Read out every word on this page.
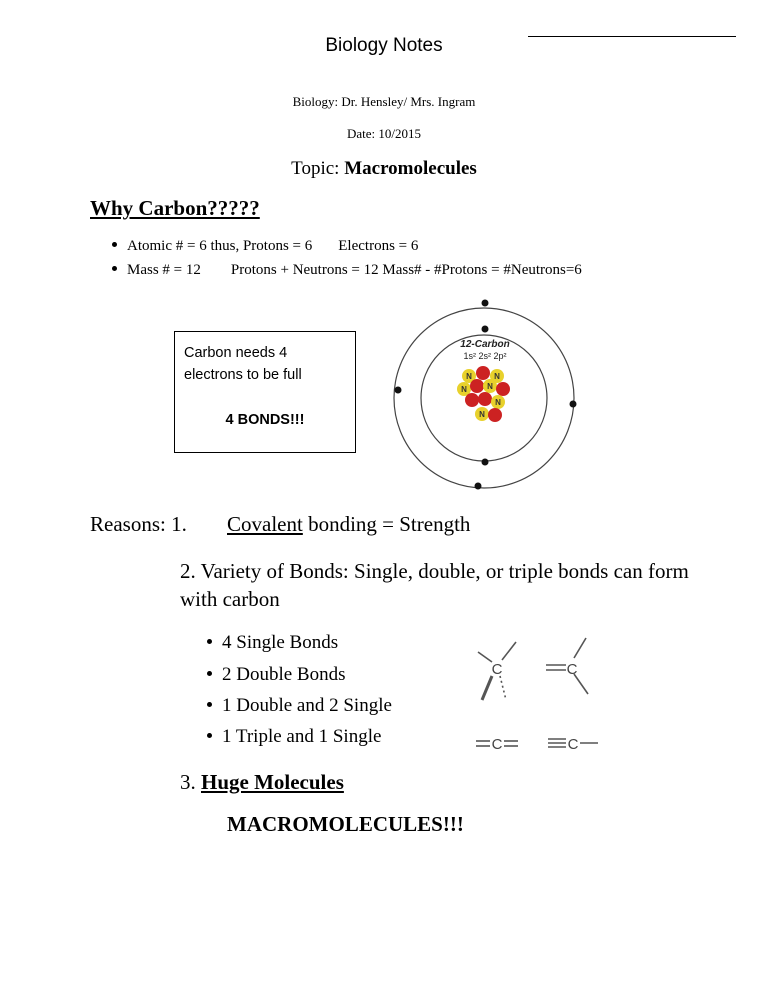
Biology Notes
Biology: Dr. Hensley/ Mrs. Ingram
Date: 10/2015
Topic: Macromolecules
Why Carbon?????
Atomic # = 6 thus, Protons = 6 Electrons = 6
Mass # = 12 Protons + Neutrons = 12 Mass# - #Protons = #Neutrons=6
Carbon needs 4
electrons to be full
4 BONDS!!!
12-Carbon
1s² 2s² 2p²
N	N
N	N
N
N
Reasons: 1. Covalent bonding = Strength
2. Variety of Bonds: Single, double, or triple bonds can form with carbon
4 Single Bonds
2 Double Bonds
1 Double and 2 Single
1 Triple and 1 Single
C	C
C	C
3. Huge Molecules
MACROMOLECULES!!!
